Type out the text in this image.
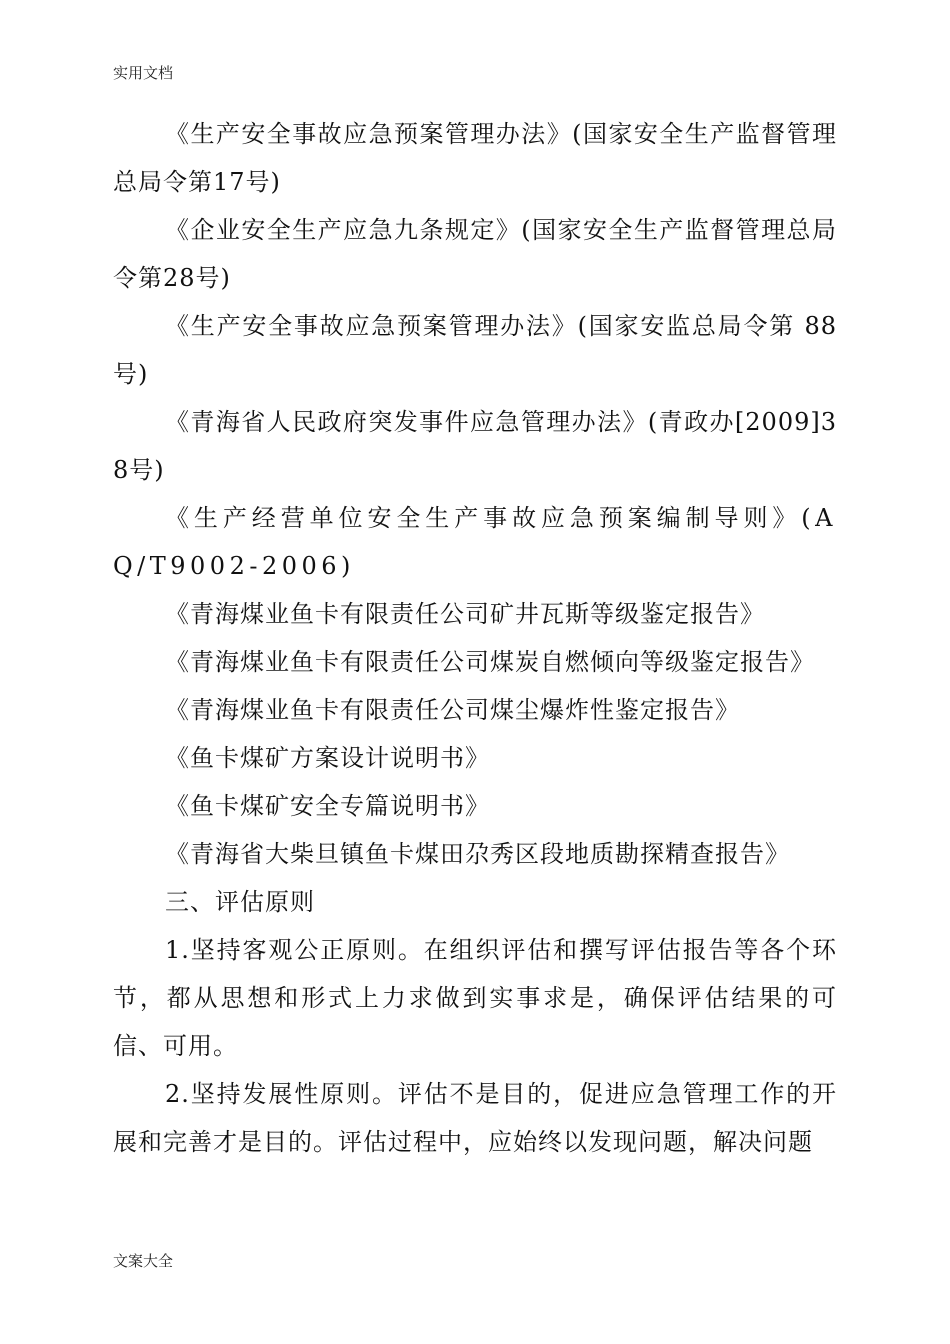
实用文档

《生产安全事故应急预案管理办法》(国家安全生产监督管理总局令第17号)

《企业安全生产应急九条规定》(国家安全生产监督管理总局令第28号)

《生产安全事故应急预案管理办法》(国家安监总局令第 88号)

《青海省人民政府突发事件应急管理办法》(青政办[2009]38号)

《生产经营单位安全生产事故应急预案编制导则》(AQ/T9002-2006)

《青海煤业鱼卡有限责任公司矿井瓦斯等级鉴定报告》

《青海煤业鱼卡有限责任公司煤炭自燃倾向等级鉴定报告》

《青海煤业鱼卡有限责任公司煤尘爆炸性鉴定报告》

《鱼卡煤矿方案设计说明书》

《鱼卡煤矿安全专篇说明书》

《青海省大柴旦镇鱼卡煤田尕秀区段地质勘探精查报告》

三、评估原则

1.坚持客观公正原则。在组织评估和撰写评估报告等各个环节，都从思想和形式上力求做到实事求是，确保评估结果的可信、可用。

2.坚持发展性原则。评估不是目的，促进应急管理工作的开展和完善才是目的。评估过程中，应始终以发现问题，解决问题

文案大全
